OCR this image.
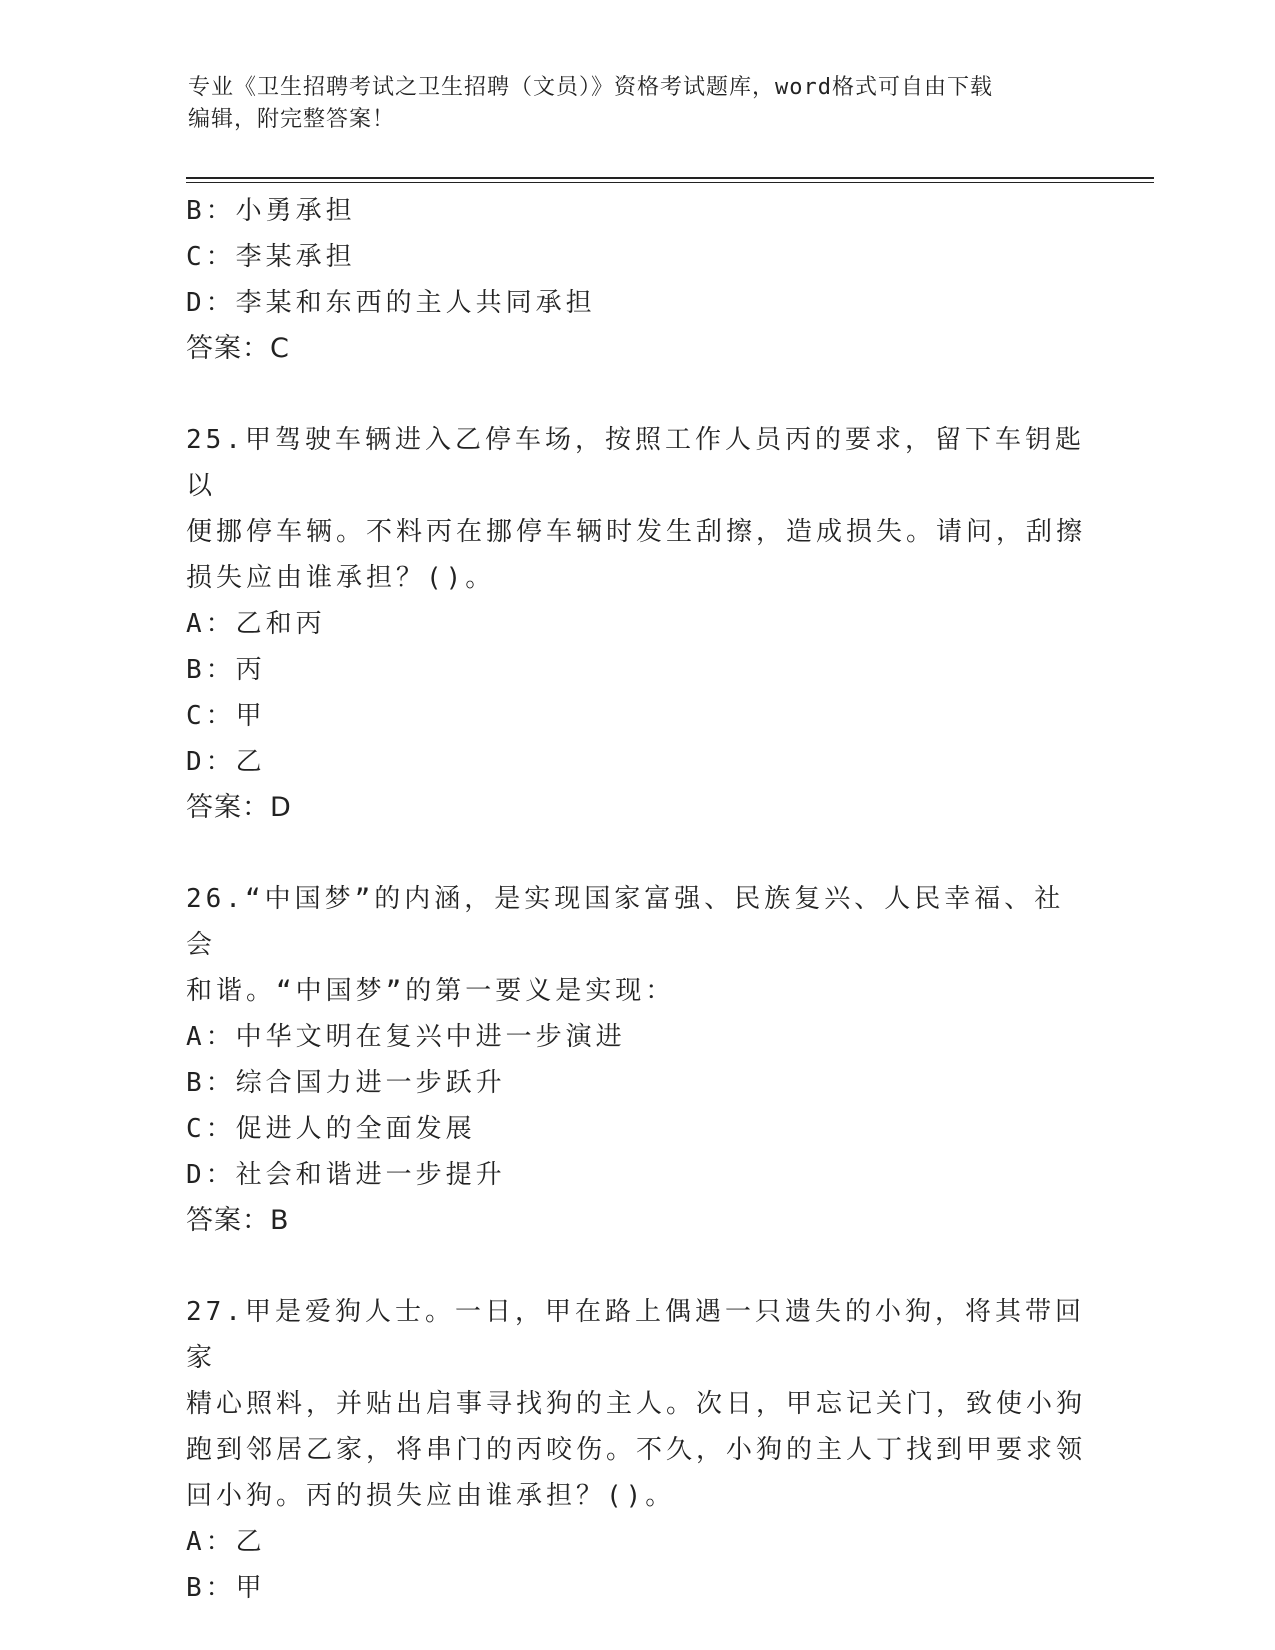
专业《卫生招聘考试之卫生招聘（文员）》资格考试题库，word格式可自由下载
编辑，附完整答案！

B：小勇承担

C：李某承担

D：李某和东西的主人共同承担

答案：C

25.甲驾驶车辆进入乙停车场，按照工作人员丙的要求，留下车钥匙以

便挪停车辆。不料丙在挪停车辆时发生刮擦，造成损失。请问，刮擦

损失应由谁承担？()。

A：乙和丙

B：丙

C：甲

D：乙

答案：D

26.“中国梦”的内涵，是实现国家富强、民族复兴、人民幸福、社会

和谐。“中国梦”的第一要义是实现：

A：中华文明在复兴中进一步演进

B：综合国力进一步跃升

C：促进人的全面发展

D：社会和谐进一步提升

答案：B

27.甲是爱狗人士。一日，甲在路上偶遇一只遗失的小狗，将其带回家

精心照料，并贴出启事寻找狗的主人。次日，甲忘记关门，致使小狗

跑到邻居乙家，将串门的丙咬伤。不久，小狗的主人丁找到甲要求领

回小狗。丙的损失应由谁承担？()。

A：乙

B：甲
